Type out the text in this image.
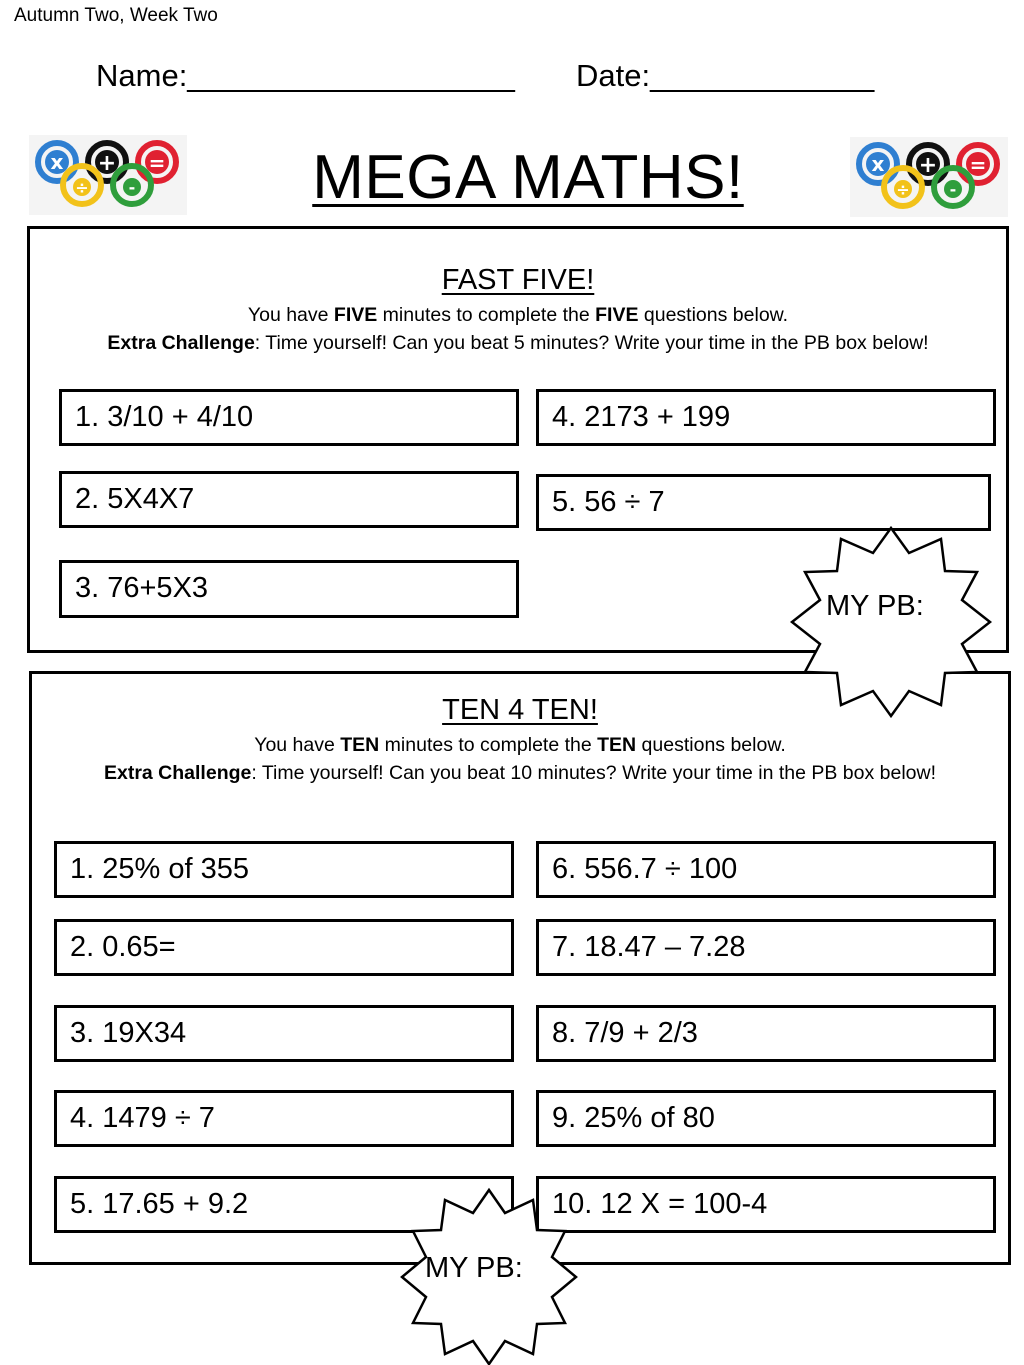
Autumn Two, Week Two
Name:___________________ Date:_____________
MEGA MATHS!
x + =
÷ -
x + =
÷ -
FAST FIVE!
You have FIVE minutes to complete the FIVE questions below.
Extra Challenge: Time yourself! Can you beat 5 minutes? Write your time in the PB box below!
1. 3/10 + 4/10
2. 5X4X7
3. 76+5X3
4. 2173 + 199
5. 56 ÷ 7
TEN 4 TEN!
You have TEN minutes to complete the TEN questions below.
Extra Challenge: Time yourself! Can you beat 10 minutes? Write your time in the PB box below!
1. 25% of 355
2. 0.65=
3. 19X34
4. 1479 ÷ 7
5. 17.65 + 9.2
6. 556.7 ÷ 100
7. 18.47 – 7.28
8. 7/9 + 2/3
9. 25% of 80
10. 12 X = 100-4
MY PB:
MY PB:
